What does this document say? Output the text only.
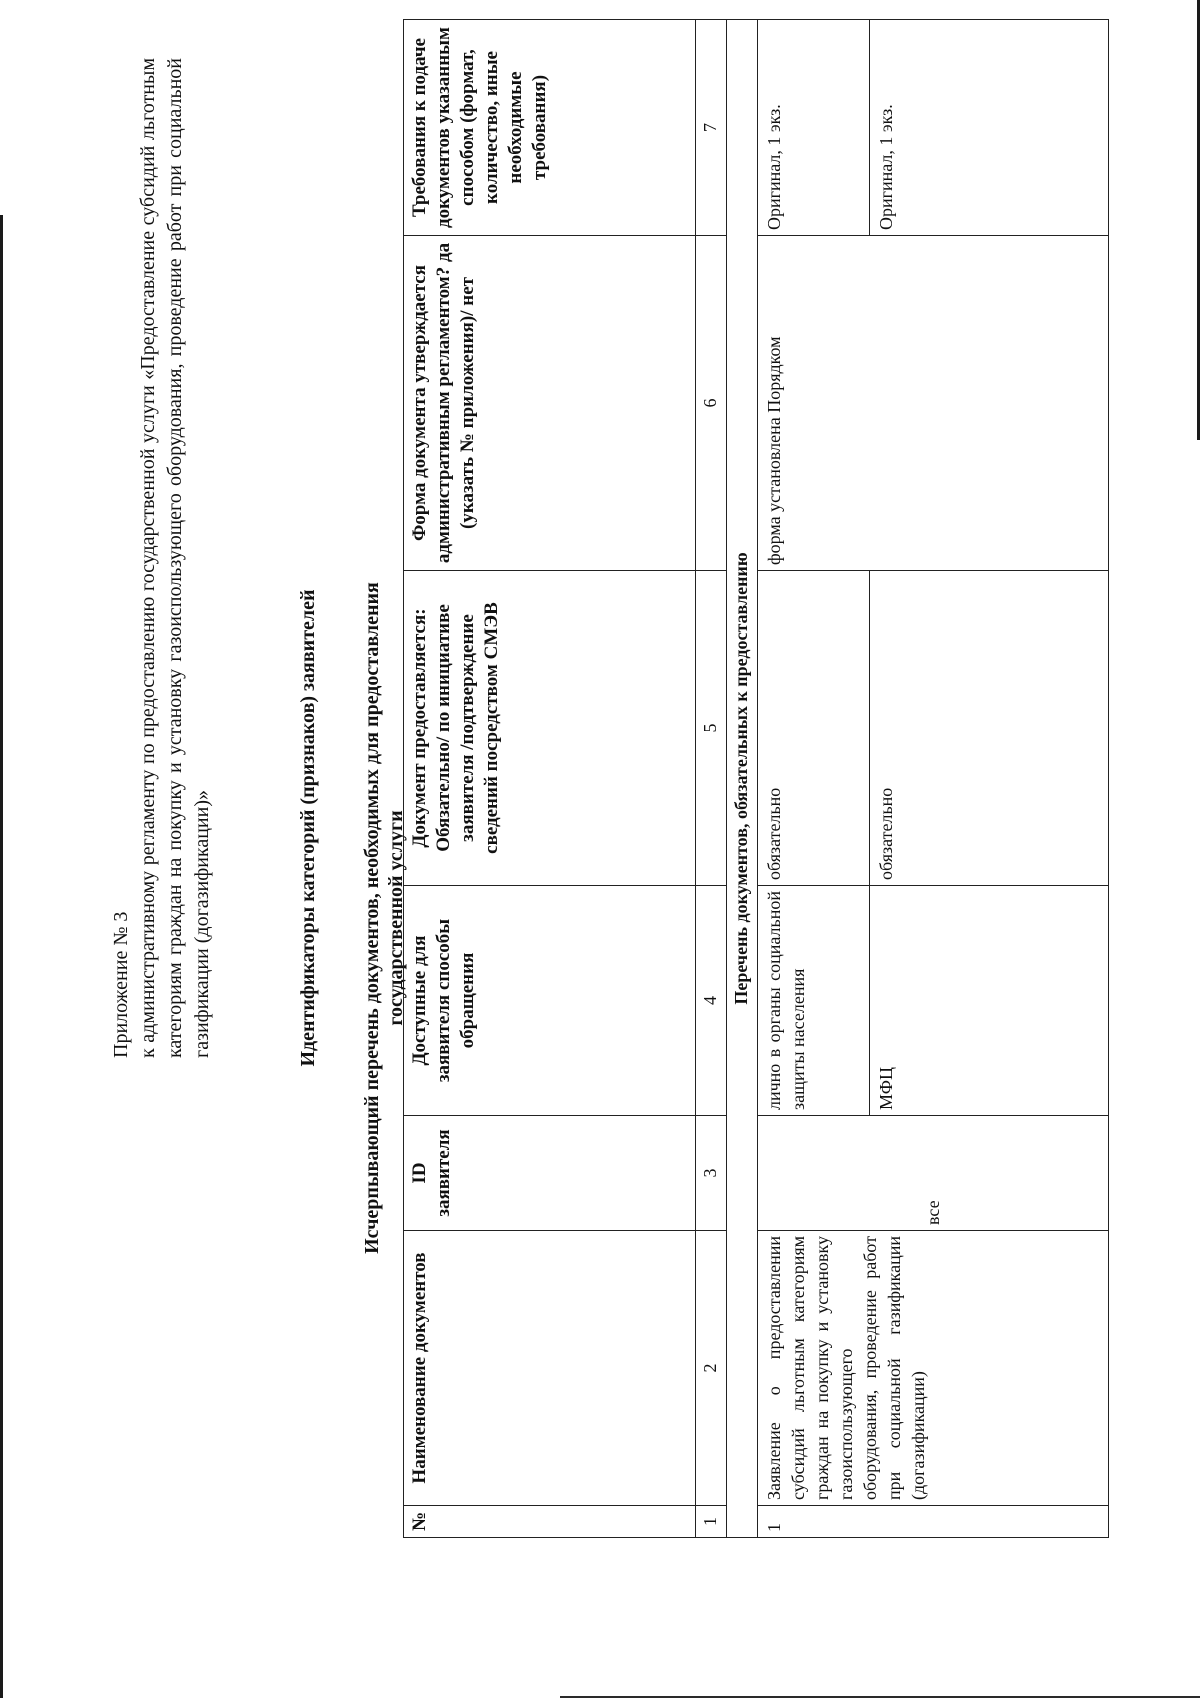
Приложение № 3 к административному регламенту по предоставлению государственной услуги «Предоставление субсидий льготным категориям граждан на покупку и установку газоиспользующего оборудования, проведение работ при социальной газификации (догазификации)»	Идентификаторы категорий (признаков) заявителей Исчерпывающий перечень документов, необходимых для предоставления государственной услуги
№	Наименование документов	ID заявителя	Доступные для заявителя способы обращения	Документ предоставляется: Обязательно/ по инициативе заявителя /подтверждение сведений посредством СМЭВ	Форма документа утверждается административным регламентом? да (указать № приложения)/ нет	Требования к подаче документов указанным способом (формат, количество, иные необходимые требования)
1	2	3	4	5	6	7
Перечень документов, обязательных к предоставлению						
1	Заявление о предоставлении субсидий льготным категориям граждан на покупку и установку газоиспользующего оборудования, проведение работ при социальной газификации (догазификации)	все	лично в органы социальной защиты населения	обязательно	форма установлена Порядком	Оригинал, 1 экз.
			МФЦ	обязательно		Оригинал, 1 экз.
